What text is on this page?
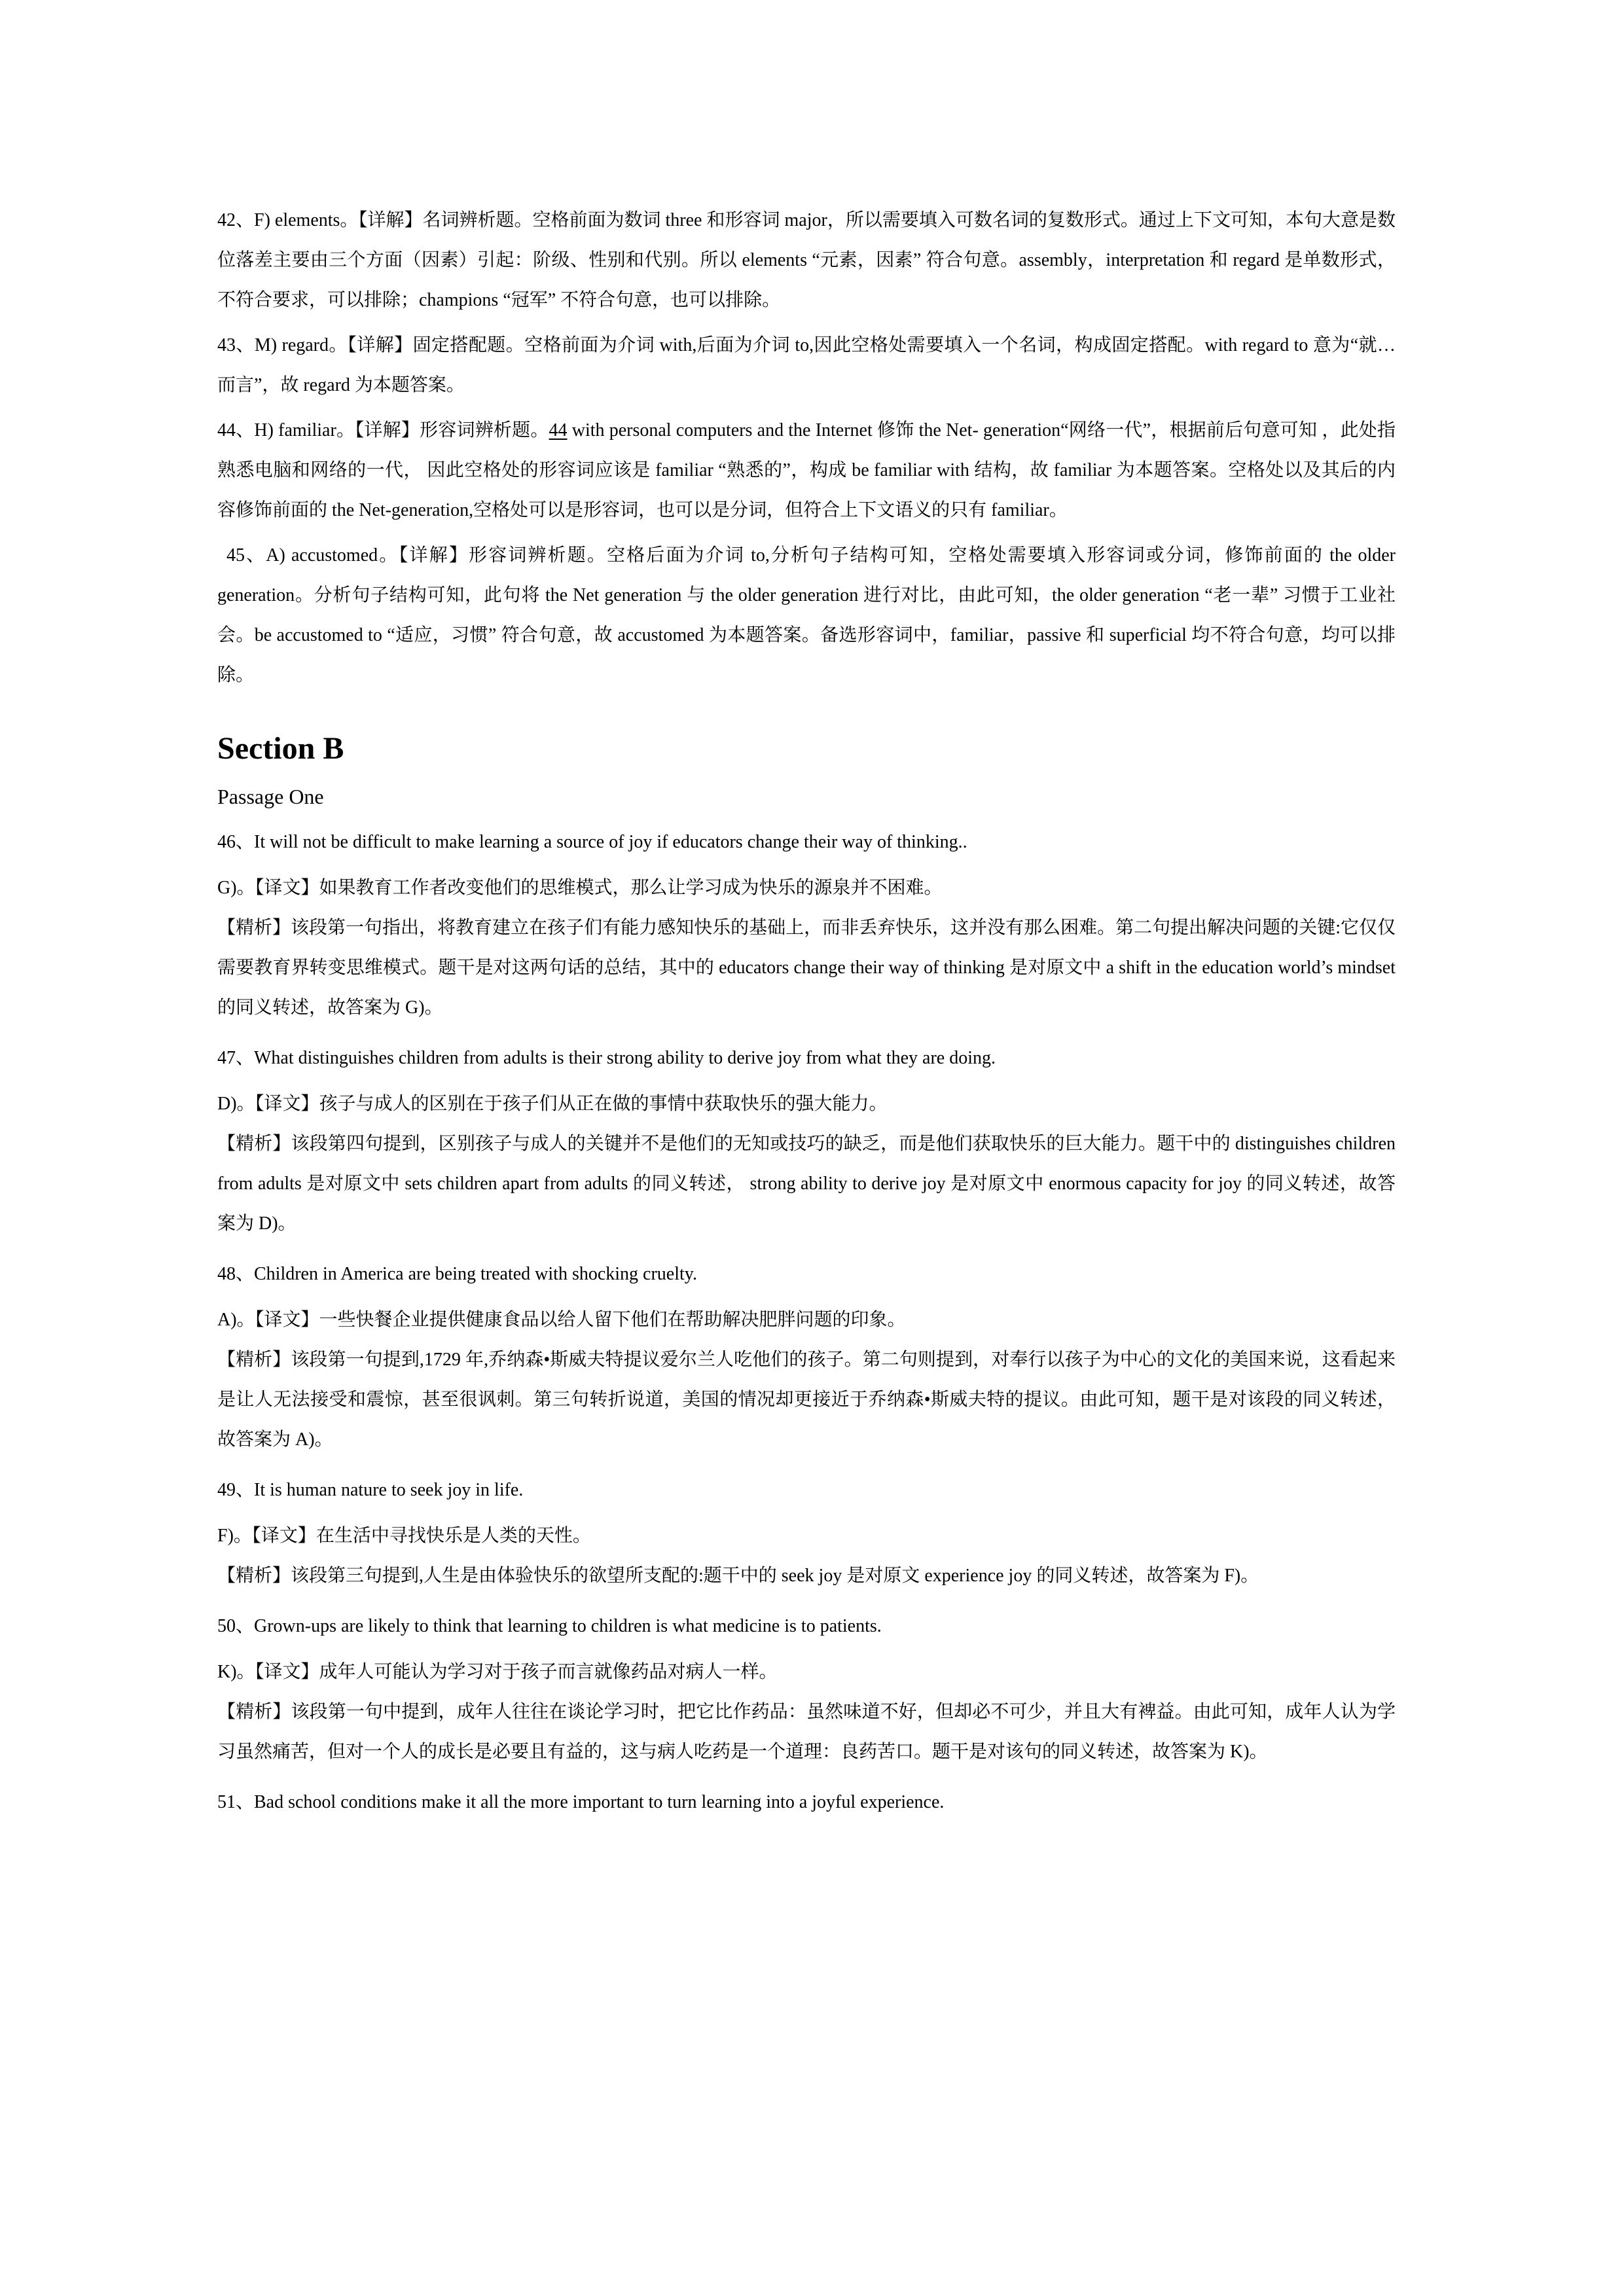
42、F) elements。【详解】名词辨析题。空格前面为数词 three 和形容词 major，所以需要填入可数名词的复数形式。通过上下文可知，本句大意是数位落差主要由三个方面（因素）引起：阶级、性别和代别。所以 elements “元素，因素” 符合句意。assembly，interpretation 和 regard 是单数形式，不符合要求，可以排除；champions “冠军” 不符合句意，也可以排除。

43、M) regard。【详解】固定搭配题。空格前面为介词 with,后面为介词 to,因此空格处需要填入一个名词，构成固定搭配。with regard to 意为“就…而言”，故 regard 为本题答案。

44、H) familiar。【详解】形容词辨析题。44 with personal computers and the Internet 修饰 the Net- generation“网络一代”，根据前后句意可知 ，此处指熟悉电脑和网络的一代， 因此空格处的形容词应该是 familiar “熟悉的”，构成 be familiar with 结构，故 familiar 为本题答案。空格处以及其后的内容修饰前面的 the Net-generation,空格处可以是形容词，也可以是分词，但符合上下文语义的只有 familiar。

45、A) accustomed。【详解】形容词辨析题。空格后面为介词 to,分析句子结构可知，空格处需要填入形容词或分词，修饰前面的 the older generation。分析句子结构可知，此句将 the Net generation 与 the older generation 进行对比，由此可知，the older generation “老一辈” 习惯于工业社会。be accustomed to “适应，习惯” 符合句意，故 accustomed 为本题答案。备选形容词中，familiar，passive 和 superficial 均不符合句意，均可以排除。

Section B

Passage One

46、It will not be difficult to make learning a source of joy if educators change their way of thinking..

G)。【译文】如果教育工作者改变他们的思维模式，那么让学习成为快乐的源泉并不困难。

【精析】该段第一句指出，将教育建立在孩子们有能力感知快乐的基础上，而非丢弃快乐，这并没有那么困难。第二句提出解决问题的关键:它仅仅需要教育界转变思维模式。题干是对这两句话的总结，其中的 educators change their way of thinking 是对原文中 a shift in the education world’s mindset 的同义转述，故答案为 G)。

47、What distinguishes children from adults is their strong ability to derive joy from what they are doing.

D)。【译文】孩子与成人的区别在于孩子们从正在做的事情中获取快乐的强大能力。

【精析】该段第四句提到，区别孩子与成人的关键并不是他们的无知或技巧的缺乏，而是他们获取快乐的巨大能力。题干中的 distinguishes children from adults 是对原文中 sets children apart from adults 的同义转述， strong ability to derive joy 是对原文中 enormous capacity for joy 的同义转述，故答案为 D)。

48、Children in America are being treated with shocking cruelty.

A)。【译文】一些快餐企业提供健康食品以给人留下他们在帮助解决肥胖问题的印象。

【精析】该段第一句提到,1729 年,乔纳森•斯威夫特提议爱尔兰人吃他们的孩子。第二句则提到，对奉行以孩子为中心的文化的美国来说，这看起来是让人无法接受和震惊，甚至很讽刺。第三句转折说道，美国的情况却更接近于乔纳森•斯威夫特的提议。由此可知，题干是对该段的同义转述，故答案为 A)。

49、It is human nature to seek joy in life.

F)。【译文】在生活中寻找快乐是人类的天性。

【精析】该段第三句提到,人生是由体验快乐的欲望所支配的:题干中的 seek joy 是对原文 experience joy 的同义转述，故答案为 F)。

50、Grown-ups are likely to think that learning to children is what medicine is to patients.

K)。【译文】成年人可能认为学习对于孩子而言就像药品对病人一样。

【精析】该段第一句中提到，成年人往往在谈论学习时，把它比作药品：虽然味道不好，但却必不可少，并且大有裨益。由此可知，成年人认为学习虽然痛苦，但对一个人的成长是必要且有益的，这与病人吃药是一个道理：良药苦口。题干是对该句的同义转述，故答案为 K)。

51、Bad school conditions make it all the more important to turn learning into a joyful experience.
